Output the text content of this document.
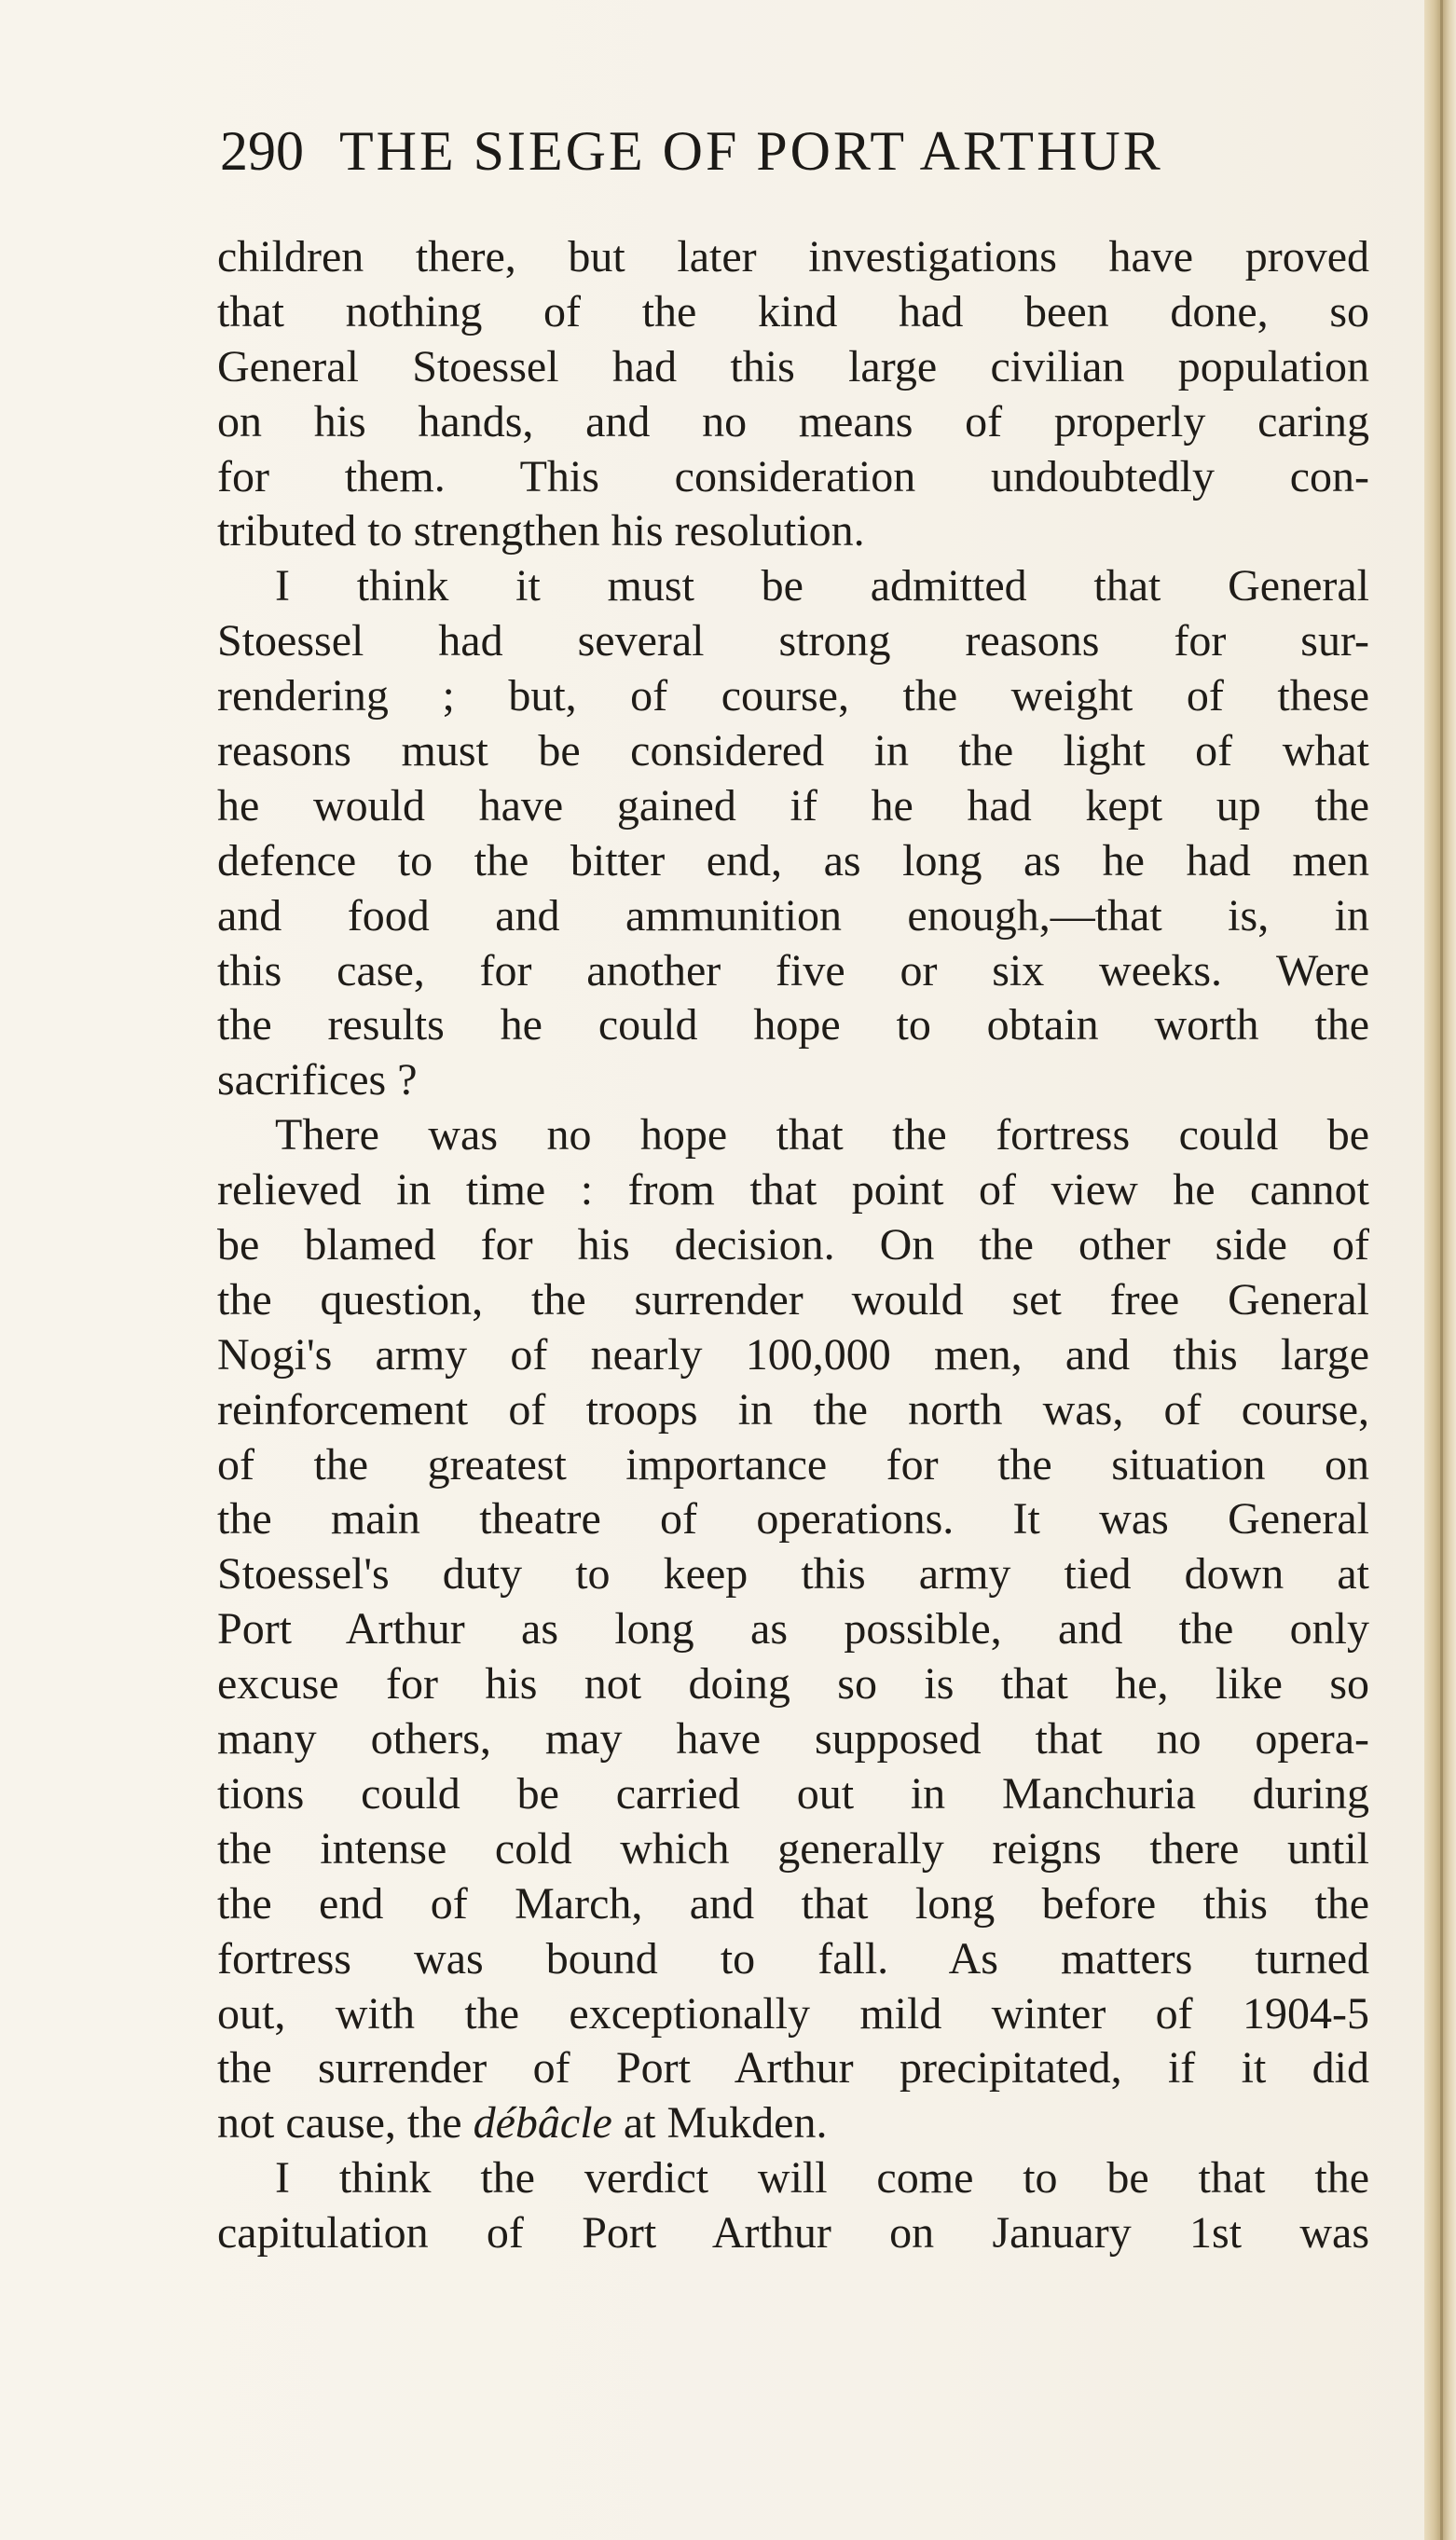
290 THE SIEGE OF PORT ARTHUR
children there, but later investigations have proved
that nothing of the kind had been done, so
General Stoessel had this large civilian population
on his hands, and no means of properly caring
for them. This consideration undoubtedly con-
tributed to strengthen his resolution.
I think it must be admitted that General
Stoessel had several strong reasons for sur-
rendering ; but, of course, the weight of these
reasons must be considered in the light of what
he would have gained if he had kept up the
defence to the bitter end, as long as he had men
and food and ammunition enough,—that is, in
this case, for another five or six weeks. Were
the results he could hope to obtain worth the
sacrifices ?
There was no hope that the fortress could be
relieved in time : from that point of view he cannot
be blamed for his decision. On the other side of
the question, the surrender would set free General
Nogi's army of nearly 100,000 men, and this large
reinforcement of troops in the north was, of course,
of the greatest importance for the situation on
the main theatre of operations. It was General
Stoessel's duty to keep this army tied down at
Port Arthur as long as possible, and the only
excuse for his not doing so is that he, like so
many others, may have supposed that no opera-
tions could be carried out in Manchuria during
the intense cold which generally reigns there until
the end of March, and that long before this the
fortress was bound to fall. As matters turned
out, with the exceptionally mild winter of 1904-5
the surrender of Port Arthur precipitated, if it did
not cause, the débâcle at Mukden.
I think the verdict will come to be that the
capitulation of Port Arthur on January 1st was
